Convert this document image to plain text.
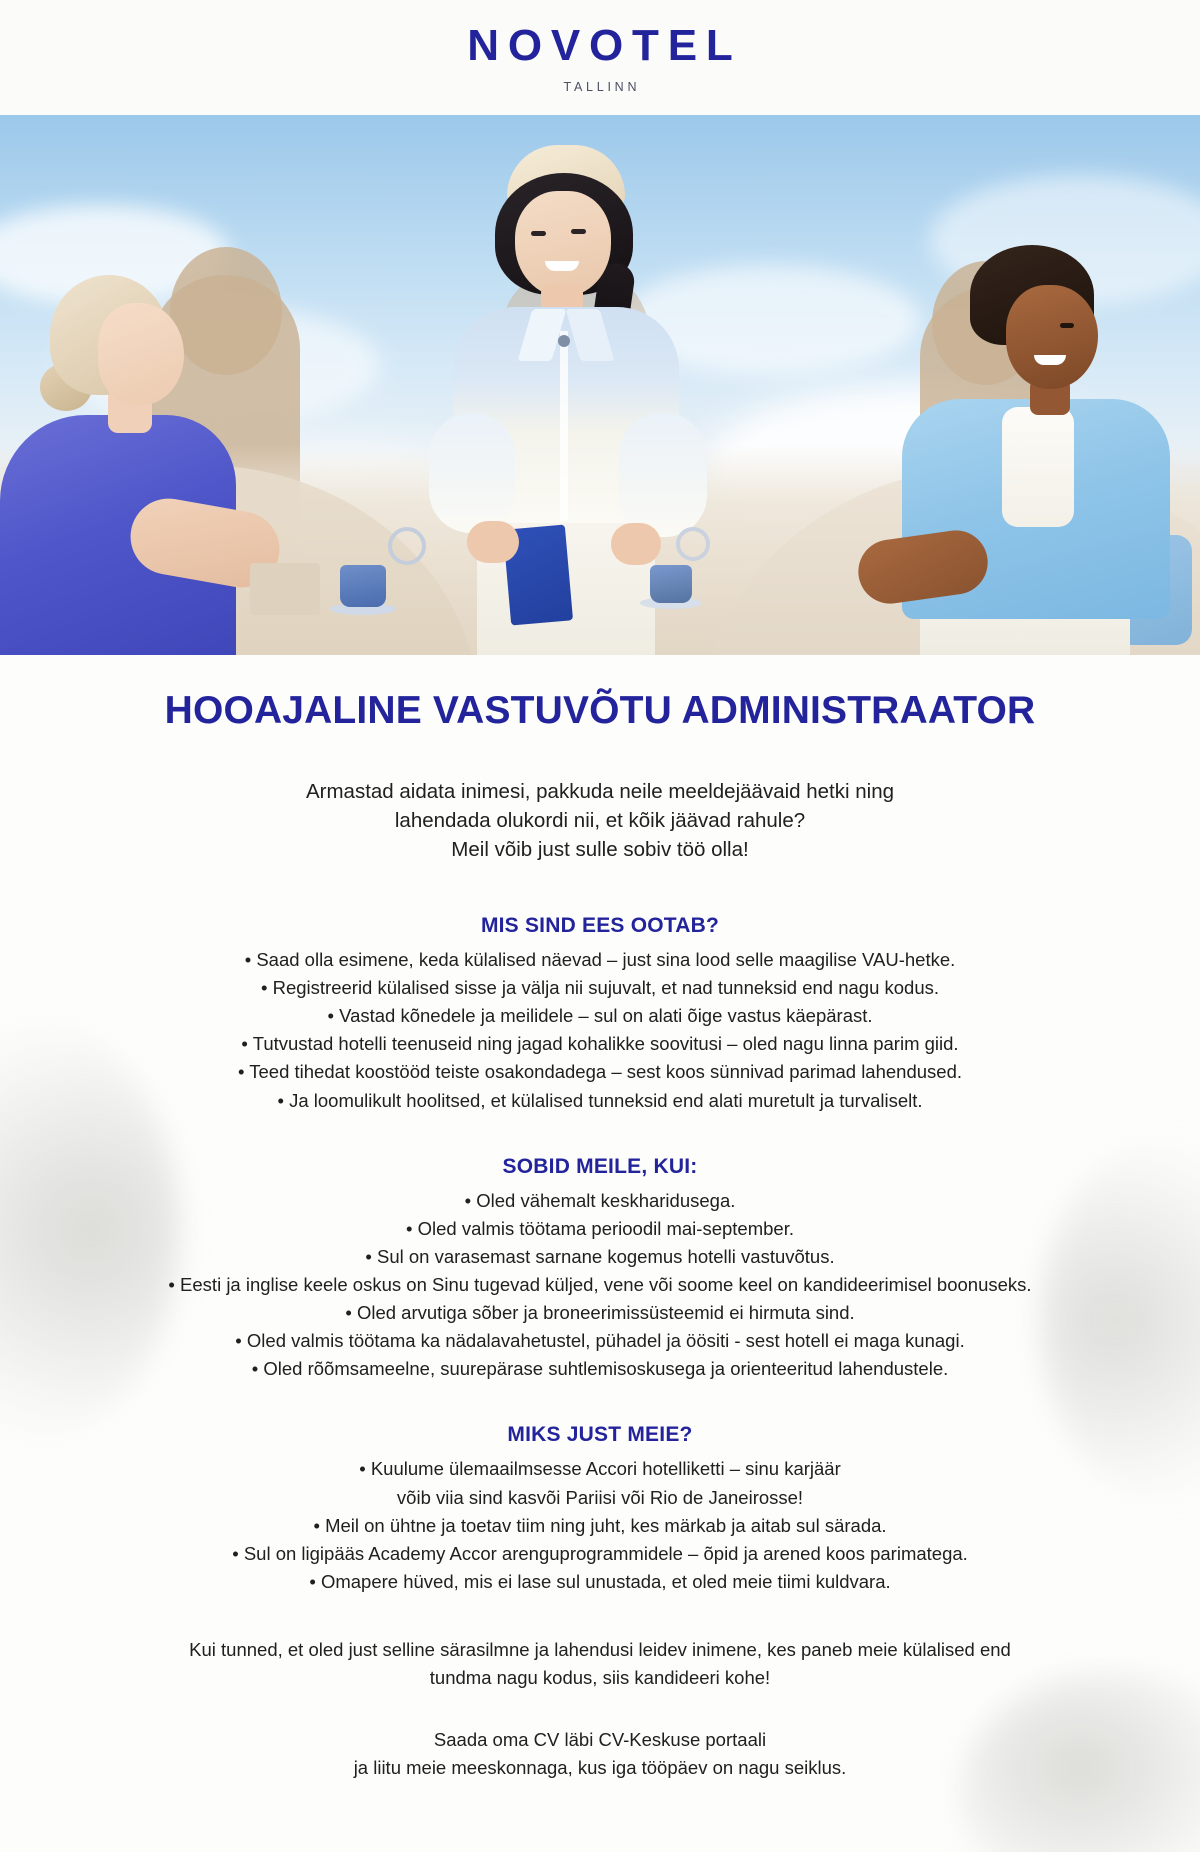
NOVOTEL
TALLINN
HOOAJALINE VASTUVÕTU ADMINISTRAATOR

Armastad aidata inimesi, pakkuda neile meeldejäävaid hetki ning
lahendada olukordi nii, et kõik jäävad rahule?
Meil võib just sulle sobiv töö olla!

MIS SIND EES OOTAB?
• Saad olla esimene, keda külalised näevad – just sina lood selle maagilise VAU-hetke.
• Registreerid külalised sisse ja välja nii sujuvalt, et nad tunneksid end nagu kodus.
• Vastad kõnedele ja meilidele – sul on alati õige vastus käepärast.
• Tutvustad hotelli teenuseid ning jagad kohalikke soovitusi – oled nagu linna parim giid.
• Teed tihedat koostööd teiste osakondadega – sest koos sünnivad parimad lahendused.
• Ja loomulikult hoolitsed, et külalised tunneksid end alati muretult ja turvaliselt.
SOBID MEILE, KUI:
• Oled vähemalt keskharidusega.
• Oled valmis töötama perioodil mai-september.
• Sul on varasemast sarnane kogemus hotelli vastuvõtus.
• Eesti ja inglise keele oskus on Sinu tugevad küljed, vene või soome keel on kandideerimisel boonuseks.
• Oled arvutiga sõber ja broneerimissüsteemid ei hirmuta sind.
• Oled valmis töötama ka nädalavahetustel, pühadel ja öösiti - sest hotell ei maga kunagi.
• Oled rõõmsameelne, suurepärase suhtlemisoskusega ja orienteeritud lahendustele.
MIKS JUST MEIE?
• Kuulume ülemaailmsesse Accori hotelliketti – sinu karjäär
võib viia sind kasvõi Pariisi või Rio de Janeirosse!
• Meil on ühtne ja toetav tiim ning juht, kes märkab ja aitab sul särada.
• Sul on ligipääs Academy Accor arenguprogrammidele – õpid ja arened koos parimatega.
• Omapere hüved, mis ei lase sul unustada, et oled meie tiimi kuldvara.

Kui tunned, et oled just selline särasilmne ja lahendusi leidev inimene, kes paneb meie külalised end
tundma nagu kodus, siis kandideeri kohe!

Saada oma CV läbi CV-Keskuse portaali
ja liitu meie meeskonnaga, kus iga tööpäev on nagu seiklus.
